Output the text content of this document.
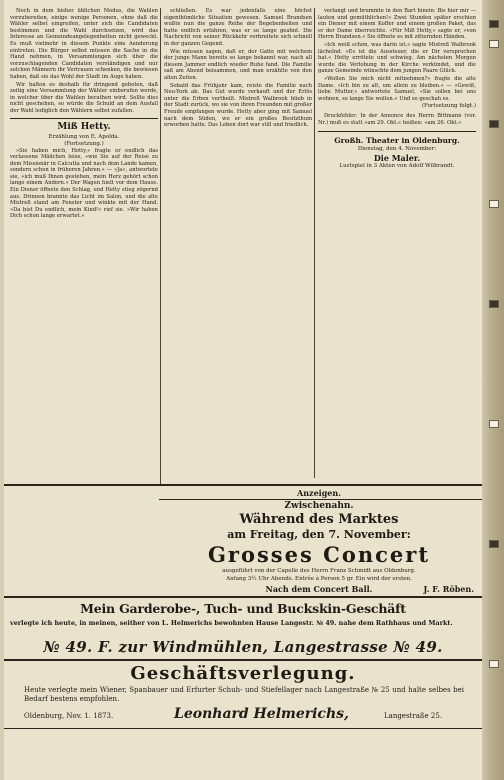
Noch in dem bisher üblichen Modus, die Wahlen vorzubereiten, einige wenige Personen, ohne daß die Wähler selbst eingreifen, unter sich die Candidaten bestimmen und die Wahl durchsetzen, wird das Interesse an Gemeindeangelegenheiten nicht geweckt. Es muß vielmehr in diesem Punkte eine Aenderung eintreten. Die Bürger selbst müssen die Sache in die Hand nehmen, in Versammlungen sich über die vorzuschlagenden Candidaten verständigen und nur solchen Männern ihr Vertrauen schenken, die bewiesen haben, daß sie das Wohl der Stadt im Auge haben.

Wir halten es deshalb für dringend geboten, daß zeitig eine Versammlung der Wähler einberufen werde, in welcher über die Wahlen berathen wird. Sollte dies nicht geschehen, so würde die Schuld an dem Ausfall der Wahl lediglich den Wählern selbst zufallen.

Miß Hetty.
Erzählung von E. Apolda.
(Fortsetzung.)

»Sie haben mich, Hetty,« fragte er endlich das verlassene Mädchen leise, »wie Sie auf der Reise zu dem Missionär in Calcutta und nach dem Lande kamen, sondern schon in früheren Jahren.« — »Ja«, antwortete sie, »ich muß Ihnen gestehen, mein Herz gehört schon lange einem Andern.« Der Wagen hielt vor dem Hause. Ein Diener öffnete den Schlag, und Hetty stieg zögernd aus. Drinnen brannte das Licht im Salon, und die alte Mistreß stand am Fenster und winkte mit der Hand. »Da bist Du endlich, mein Kind!« rief sie. »Wir haben Dich schon lange erwartet.«

schließen. Es war jedenfalls eine höchst eigenthümliche Situation gewesen. Samuel Brandsen wußte nun die ganze Reihe der Begebenheiten und hatte endlich erfahren, was er so lange geahnt. Die Nachricht von seiner Rückkehr verbreitete sich schnell in der ganzen Gegend.

Wie müssen sagen, daß er, der Gatte mit welchem der junge Mann bereits so lange bekannt war, nach all diesem Jammer endlich wieder Ruhe fand. Die Familie saß am Abend beisammen, und man erzählte von den alten Zeiten.

Sobald das Frühjahr kam, reiste die Familie nach Neu-York ab. Das Gut wurde verkauft und der Erlös unter die Erben vertheilt. Mistreß Walbrook blieb in der Stadt zurück, wo sie von ihren Freunden mit großer Freude empfangen wurde. Hetty aber ging mit Samuel nach dem Süden, wo er ein großes Besitzthum erworben hatte. Das Leben dort war still und friedlich.

verlangt und brummte in den Bart hinein: Bis hier mir — lauten und gemüthlichen!« Zwei Stunden später erschien ein Diener mit einem Koffer und einem großen Paket, das er der Dame überreichte. »Für Miß Hetty,« sagte er, »von Herrn Brandsen.« Sie öffnete es mit zitternden Händen.

»Ich weiß schon, was darin ist,« sagte Mistreß Walbrook lächelnd. »Es ist die Aussteuer, die er Dir versprochen hat.« Hetty errötete und schwieg. Am nächsten Morgen wurde die Verlobung in der Kirche verkündet, und die ganze Gemeinde wünschte dem jungen Paare Glück.

»Wollen Sie mich nicht mitnehmen?« fragte die alte Dame. »Ich bin zu alt, um allein zu bleiben.« — »Gewiß, liebe Mutter,« antwortete Samuel, »Sie sollen bei uns wohnen, so lange Sie wollen.« Und so geschah es.

(Fortsetzung folgt.)

Druckfehler: In der Annonce des Herrn Bittmann (vor. Nr.) muß es statt »am 29. Okt.« heißen: »am 26. Okt.«

Großh. Theater in Oldenburg.
Dienstag, den 4. November:
Die Maler.
Lustspiel in 3 Akten von Adolf Wilbrandt.
Anzeigen.
Zwischenahn.
Während des Marktes
am Freitag, den 7. November:
Grosses Concert
ausgeführt von der Capelle des Herrn Franz Schmidt aus Oldenburg.
Anfang 3½ Uhr Abends. Entrée à Person 5 gr. Ein wird der ersten.
Nach dem Concert Ball.	J. F. Röben.
Mein Garderobe-, Tuch- und Buckskin-Geschäft
verlegte ich heute, in meinen, seither von L. Helmerichs bewohnten Hause Langestr. № 49. nahe dem Rathhaus und Markt.
№ 49. F. zur Windmühlen, Langestrasse № 49.
Geschäftsverlegung.
Heute verlegte mein Wiener, Spanbauer und Erfurter Schuh- und Stiefellager nach Langestraße № 25 und halte selbes bei Bedarf bestens empfohlen.
Oldenburg, Nov. 1. 1873.	Leonhard Helmerichs,	Langestraße 25.
